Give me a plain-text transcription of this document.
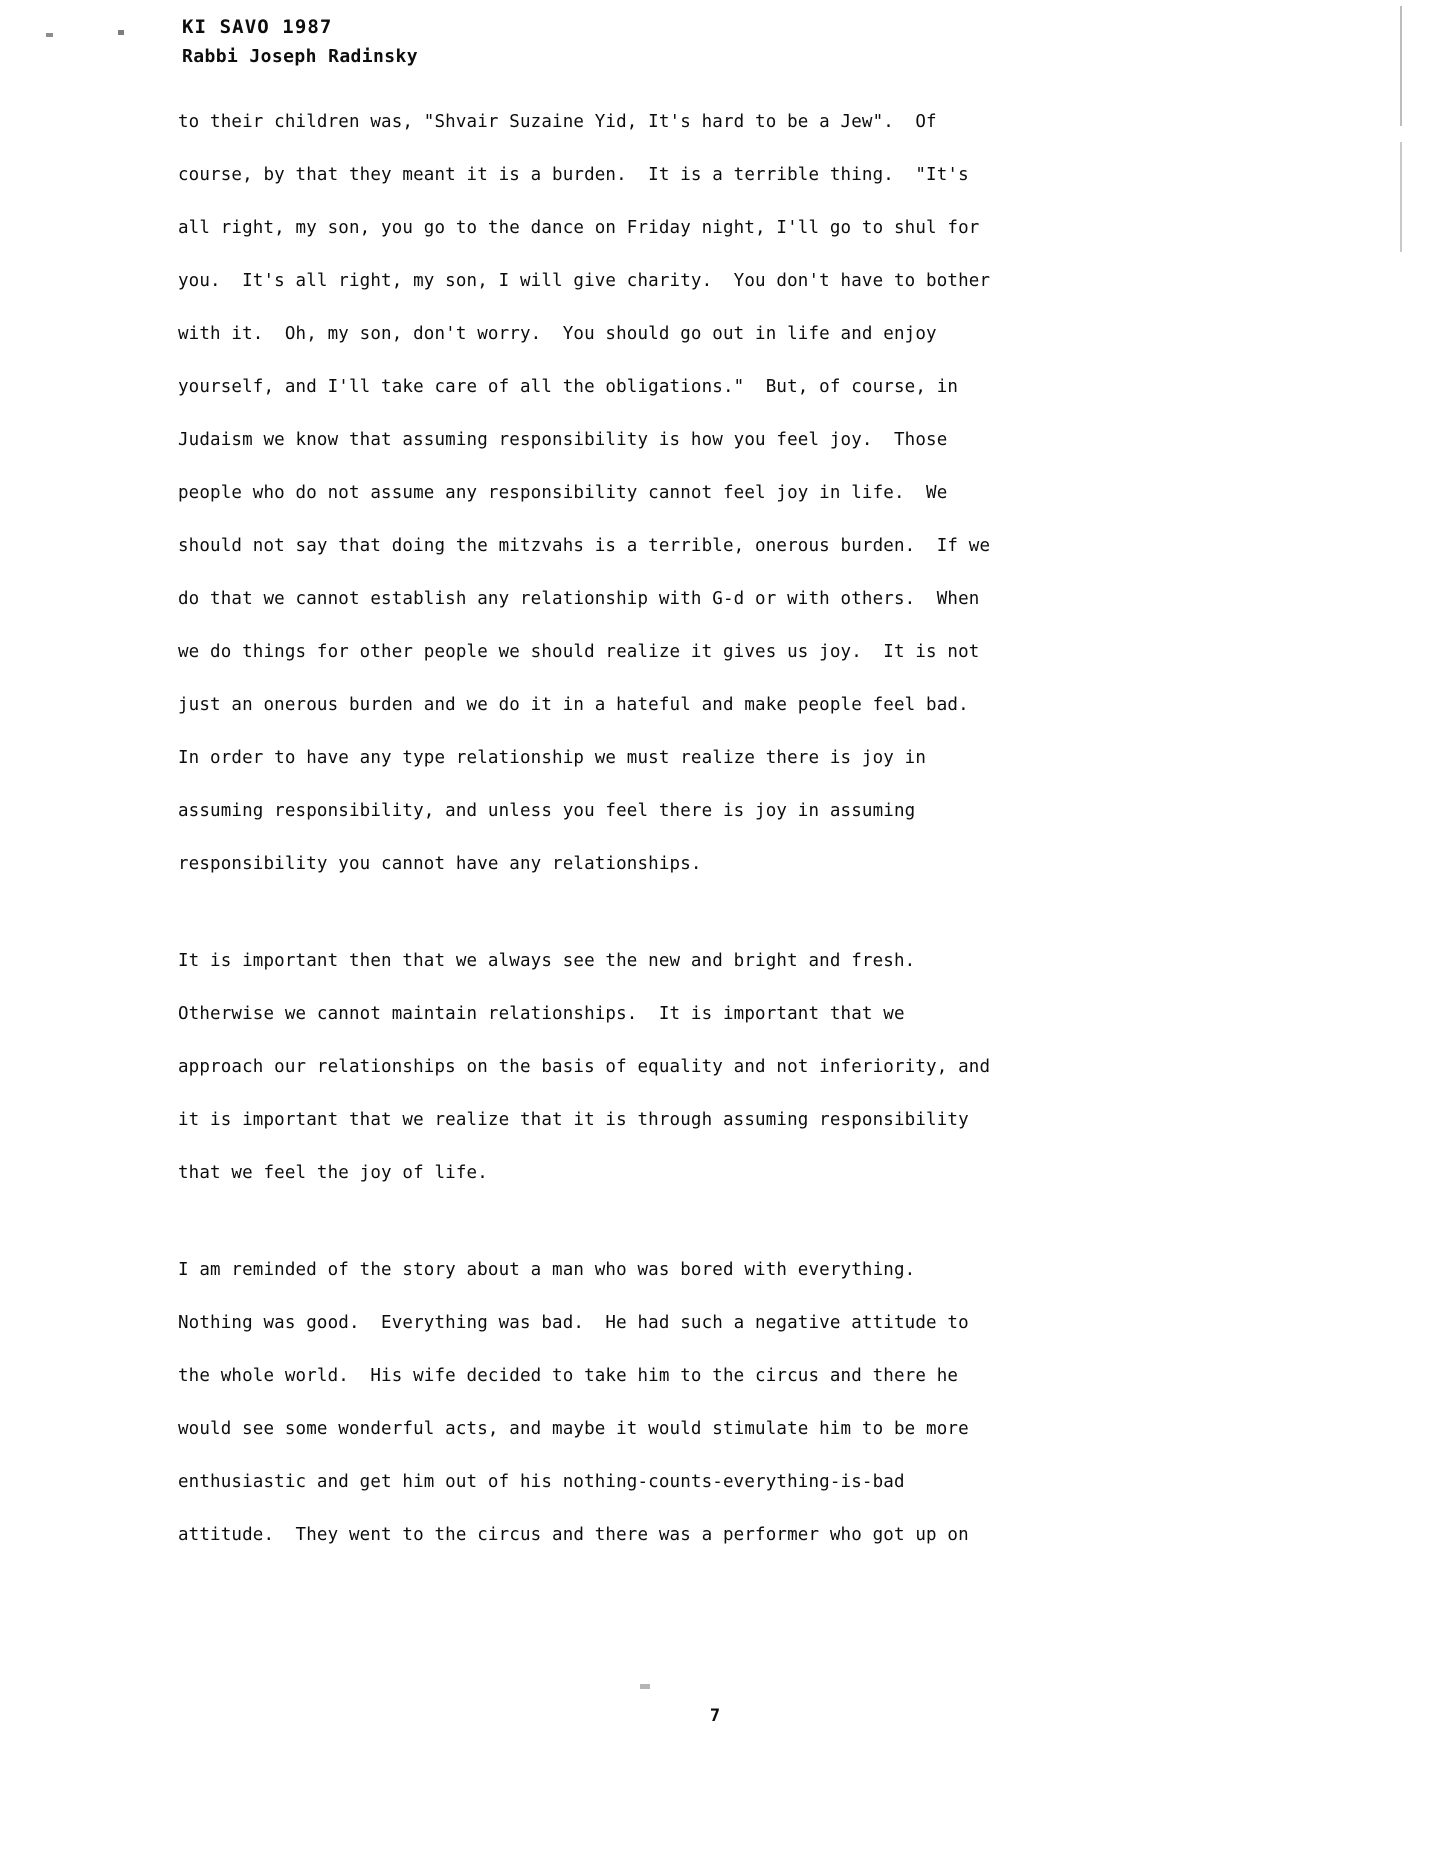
KI SAVO 1987
Rabbi Joseph Radinsky
to their children was, "Shvair Suzaine Yid, It's hard to be a Jew".  Of
course, by that they meant it is a burden.  It is a terrible thing.  "It's
all right, my son, you go to the dance on Friday night, I'll go to shul for
you.  It's all right, my son, I will give charity.  You don't have to bother
with it.  Oh, my son, don't worry.  You should go out in life and enjoy
yourself, and I'll take care of all the obligations."  But, of course, in
Judaism we know that assuming responsibility is how you feel joy.  Those
people who do not assume any responsibility cannot feel joy in life.  We
should not say that doing the mitzvahs is a terrible, onerous burden.  If we
do that we cannot establish any relationship with G-d or with others.  When
we do things for other people we should realize it gives us joy.  It is not
just an onerous burden and we do it in a hateful and make people feel bad.
In order to have any type relationship we must realize there is joy in
assuming responsibility, and unless you feel there is joy in assuming
responsibility you cannot have any relationships.
It is important then that we always see the new and bright and fresh.
Otherwise we cannot maintain relationships.  It is important that we
approach our relationships on the basis of equality and not inferiority, and
it is important that we realize that it is through assuming responsibility
that we feel the joy of life.
I am reminded of the story about a man who was bored with everything.
Nothing was good.  Everything was bad.  He had such a negative attitude to
the whole world.  His wife decided to take him to the circus and there he
would see some wonderful acts, and maybe it would stimulate him to be more
enthusiastic and get him out of his nothing-counts-everything-is-bad
attitude.  They went to the circus and there was a performer who got up on
7
